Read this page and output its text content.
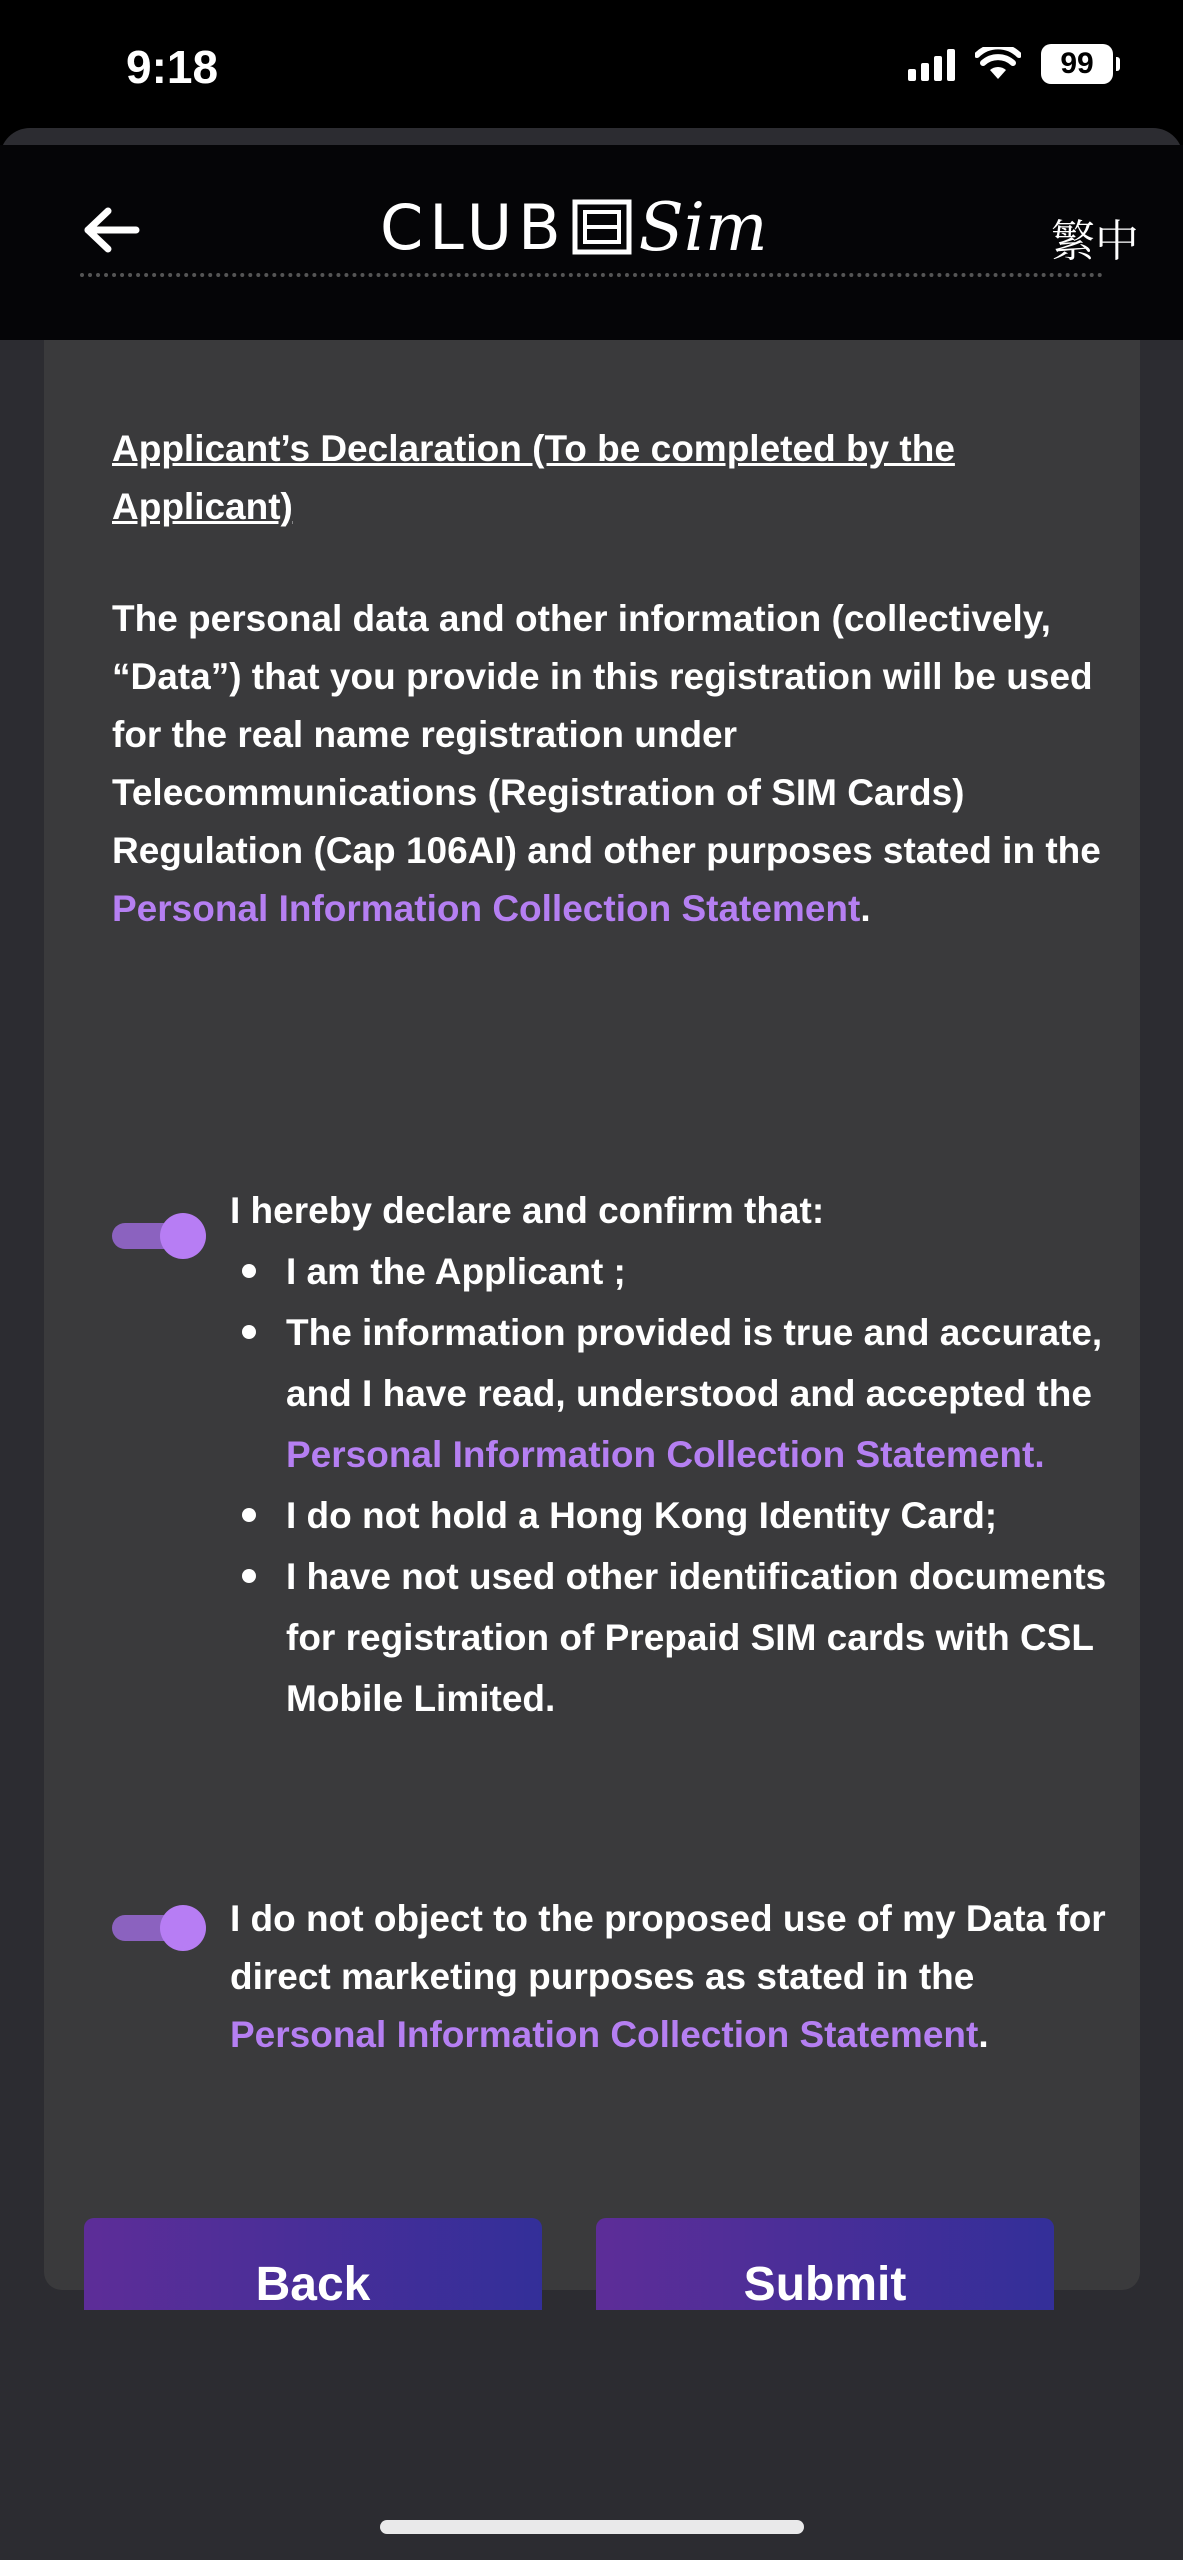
9:18	99
CLUB Sim	繁中
Applicant’s Declaration (To be completed by the Applicant)
The personal data and other information (collectively, “Data”) that you provide in this registration will be used for the real name registration under Telecommunications (Registration of SIM Cards) Regulation (Cap 106AI) and other purposes stated in the Personal Information Collection Statement.
I hereby declare and confirm that:
I am the Applicant ;
The information provided is true and accurate, and I have read, understood and accepted the Personal Information Collection Statement.
I do not hold a Hong Kong Identity Card;
I have not used other identification documents for registration of Prepaid SIM cards with CSL Mobile Limited.
I do not object to the proposed use of my Data for direct marketing purposes as stated in the Personal Information Collection Statement.
Back	Submit
